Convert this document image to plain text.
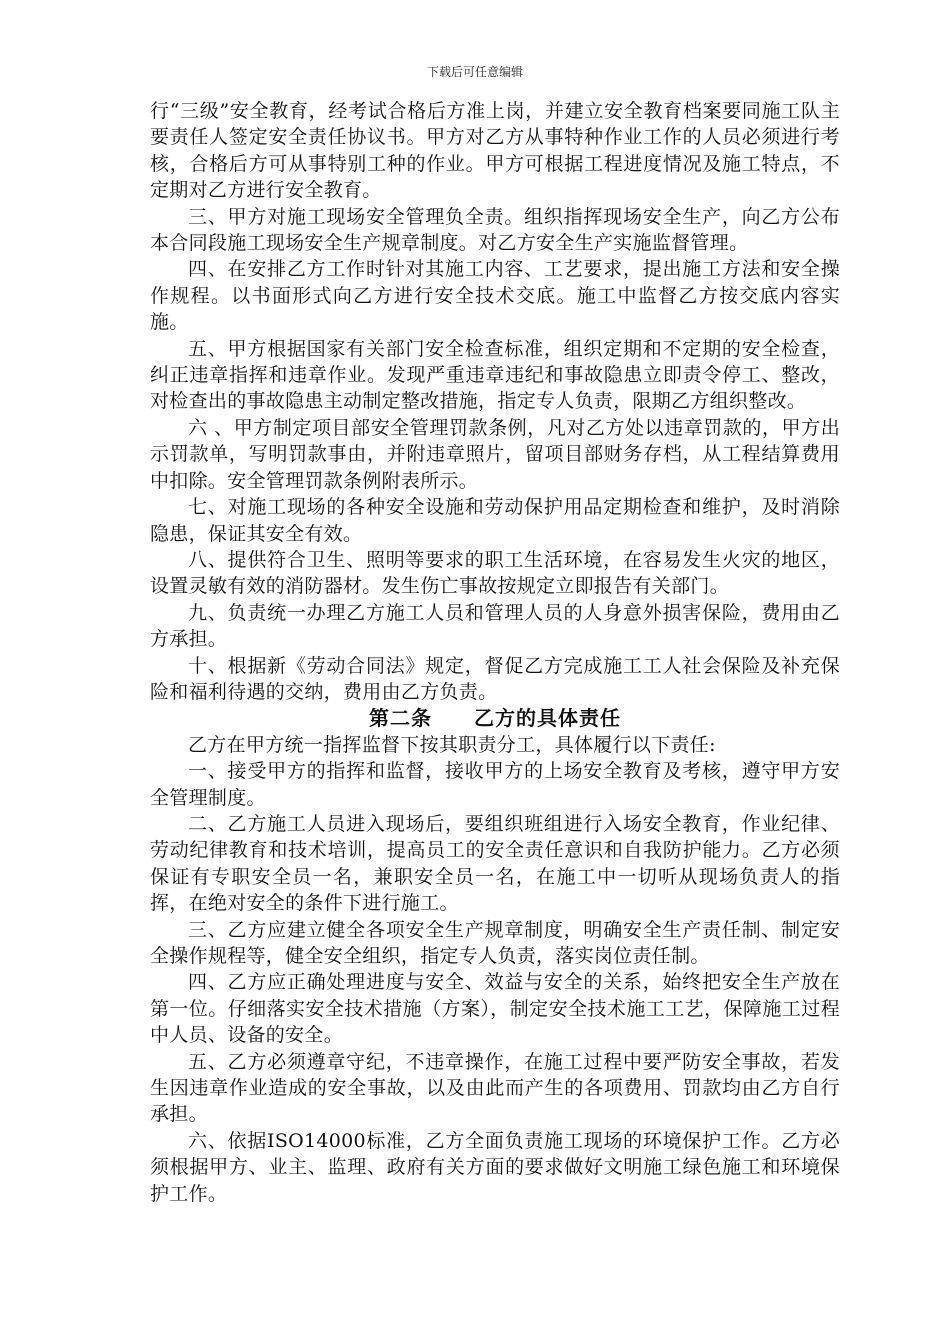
下载后可任意编辑

行“三级”安全教育，经考试合格后方准上岗，并建立安全教育档案要同施工队主要责任人签定安全责任协议书。甲方对乙方从事特种作业工作的人员必须进行考核，合格后方可从事特别工种的作业。甲方可根据工程进度情况及施工特点，不定期对乙方进行安全教育。

三、甲方对施工现场安全管理负全责。组织指挥现场安全生产，向乙方公布本合同段施工现场安全生产规章制度。对乙方安全生产实施监督管理。

四、在安排乙方工作时针对其施工内容、工艺要求，提出施工方法和安全操作规程。以书面形式向乙方进行安全技术交底。施工中监督乙方按交底内容实施。

五、甲方根据国家有关部门安全检查标准，组织定期和不定期的安全检查，纠正违章指挥和违章作业。发现严重违章违纪和事故隐患立即责令停工、整改，对检查出的事故隐患主动制定整改措施，指定专人负责，限期乙方组织整改。

六 、甲方制定项目部安全管理罚款条例，凡对乙方处以违章罚款的，甲方出示罚款单，写明罚款事由，并附违章照片，留项目部财务存档，从工程结算费用中扣除。安全管理罚款条例附表所示。

七、对施工现场的各种安全设施和劳动保护用品定期检查和维护，及时消除隐患，保证其安全有效。

八、提供符合卫生、照明等要求的职工生活环境，在容易发生火灾的地区，设置灵敏有效的消防器材。发生伤亡事故按规定立即报告有关部门。

九、负责统一办理乙方施工人员和管理人员的人身意外损害保险，费用由乙方承担。

十、根据新《劳动合同法》规定，督促乙方完成施工工人社会保险及补充保险和福利待遇的交纳，费用由乙方负责。

第二条　　乙方的具体责任

乙方在甲方统一指挥监督下按其职责分工，具体履行以下责任:

一、接受甲方的指挥和监督，接收甲方的上场安全教育及考核，遵守甲方安全管理制度。

二、乙方施工人员进入现场后，要组织班组进行入场安全教育，作业纪律、劳动纪律教育和技术培训，提高员工的安全责任意识和自我防护能力。乙方必须保证有专职安全员一名，兼职安全员一名，在施工中一切听从现场负责人的指挥，在绝对安全的条件下进行施工。

三、乙方应建立健全各项安全生产规章制度，明确安全生产责任制、制定安全操作规程等，健全安全组织，指定专人负责，落实岗位责任制。

四、乙方应正确处理进度与安全、效益与安全的关系，始终把安全生产放在第一位。仔细落实安全技术措施（方案），制定安全技术施工工艺，保障施工过程中人员、设备的安全。

五、乙方必须遵章守纪，不违章操作，在施工过程中要严防安全事故，若发生因违章作业造成的安全事故，以及由此而产生的各项费用、罚款均由乙方自行承担。

六、依据ISO14000标准，乙方全面负责施工现场的环境保护工作。乙方必须根据甲方、业主、监理、政府有关方面的要求做好文明施工绿色施工和环境保护工作。
